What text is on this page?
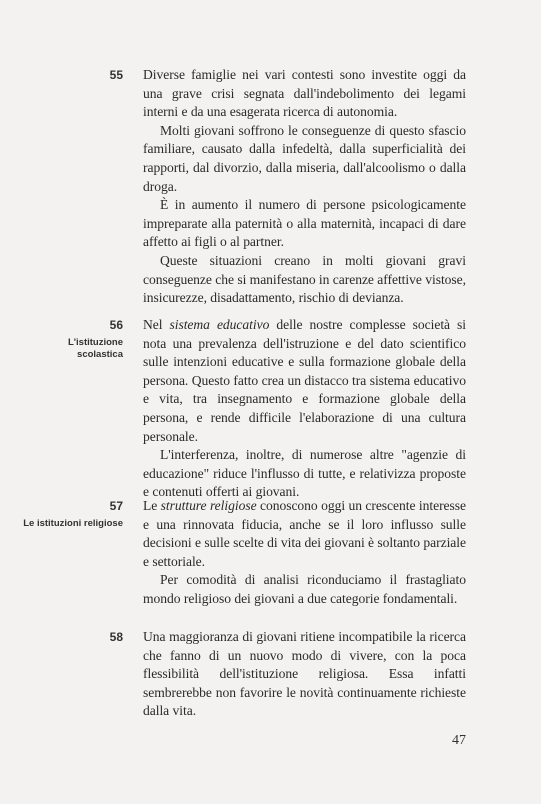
55 Diverse famiglie nei vari contesti sono investite oggi da una grave crisi segnata dall'indebolimento dei legami interni e da una esagerata ricerca di autonomia.

Molti giovani soffrono le conseguenze di questo sfascio familiare, causato dalla infedeltà, dalla superficialità dei rapporti, dal divorzio, dalla miseria, dall'alcoolismo o dalla droga.

È in aumento il numero di persone psicologicamente impreparate alla paternità o alla maternità, incapaci di dare affetto ai figli o al partner.

Queste situazioni creano in molti giovani gravi conseguenze che si manifestano in carenze affettive vistose, insicurezze, disadattamento, rischio di devianza.

56
L'istituzione scolastica

Nel sistema educativo delle nostre complesse società si nota una prevalenza dell'istruzione e del dato scientifico sulle intenzioni educative e sulla formazione globale della persona. Questo fatto crea un distacco tra sistema educativo e vita, tra insegnamento e formazione globale della persona, e rende difficile l'elaborazione di una cultura personale.

L'interferenza, inoltre, di numerose altre "agenzie di educazione" riduce l'influsso di tutte, e relativizza proposte e contenuti offerti ai giovani.

57
Le istituzioni religiose

Le strutture religiose conoscono oggi un crescente interesse e una rinnovata fiducia, anche se il loro influsso sulle decisioni e sulle scelte di vita dei giovani è soltanto parziale e settoriale.

Per comodità di analisi riconduciamo il frastagliato mondo religioso dei giovani a due categorie fondamentali.

58 Una maggioranza di giovani ritiene incompatibile la ricerca che fanno di un nuovo modo di vivere, con la poca flessibilità dell'istituzione religiosa. Essa infatti sembrerebbe non favorire le novità continuamente richieste dalla vita.

47
